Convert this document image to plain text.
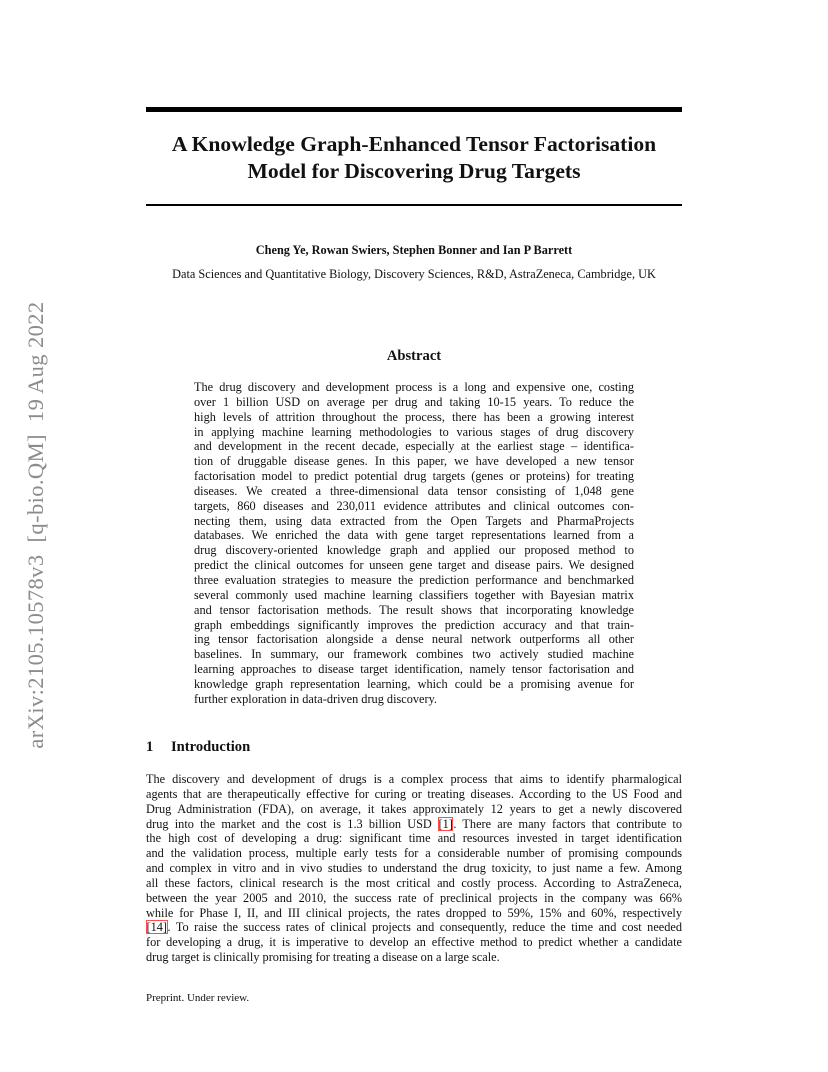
arXiv:2105.10578v3  [q-bio.QM]  19 Aug 2022
A Knowledge Graph-Enhanced Tensor Factorisation
Model for Discovering Drug Targets
Cheng Ye, Rowan Swiers, Stephen Bonner and Ian P Barrett
Data Sciences and Quantitative Biology, Discovery Sciences, R&D, AstraZeneca, Cambridge, UK
Abstract
The drug discovery and development process is a long and expensive one, costing
over 1 billion USD on average per drug and taking 10-15 years. To reduce the
high levels of attrition throughout the process, there has been a growing interest
in applying machine learning methodologies to various stages of drug discovery
and development in the recent decade, especially at the earliest stage – identifica-
tion of druggable disease genes. In this paper, we have developed a new tensor
factorisation model to predict potential drug targets (genes or proteins) for treating
diseases. We created a three-dimensional data tensor consisting of 1,048 gene
targets, 860 diseases and 230,011 evidence attributes and clinical outcomes con-
necting them, using data extracted from the Open Targets and PharmaProjects
databases. We enriched the data with gene target representations learned from a
drug discovery-oriented knowledge graph and applied our proposed method to
predict the clinical outcomes for unseen gene target and disease pairs. We designed
three evaluation strategies to measure the prediction performance and benchmarked
several commonly used machine learning classifiers together with Bayesian matrix
and tensor factorisation methods. The result shows that incorporating knowledge
graph embeddings significantly improves the prediction accuracy and that train-
ing tensor factorisation alongside a dense neural network outperforms all other
baselines. In summary, our framework combines two actively studied machine
learning approaches to disease target identification, namely tensor factorisation and
knowledge graph representation learning, which could be a promising avenue for
further exploration in data-driven drug discovery.
1 Introduction
The discovery and development of drugs is a complex process that aims to identify pharmalogical
agents that are therapeutically effective for curing or treating diseases. According to the US Food and
Drug Administration (FDA), on average, it takes approximately 12 years to get a newly discovered
drug into the market and the cost is 1.3 billion USD [1]. There are many factors that contribute to
the high cost of developing a drug: significant time and resources invested in target identification
and the validation process, multiple early tests for a considerable number of promising compounds
and complex in vitro and in vivo studies to understand the drug toxicity, to just name a few. Among
all these factors, clinical research is the most critical and costly process. According to AstraZeneca,
between the year 2005 and 2010, the success rate of preclinical projects in the company was 66%
while for Phase I, II, and III clinical projects, the rates dropped to 59%, 15% and 60%, respectively
[14]. To raise the success rates of clinical projects and consequently, reduce the time and cost needed
for developing a drug, it is imperative to develop an effective method to predict whether a candidate
drug target is clinically promising for treating a disease on a large scale.
Preprint. Under review.
